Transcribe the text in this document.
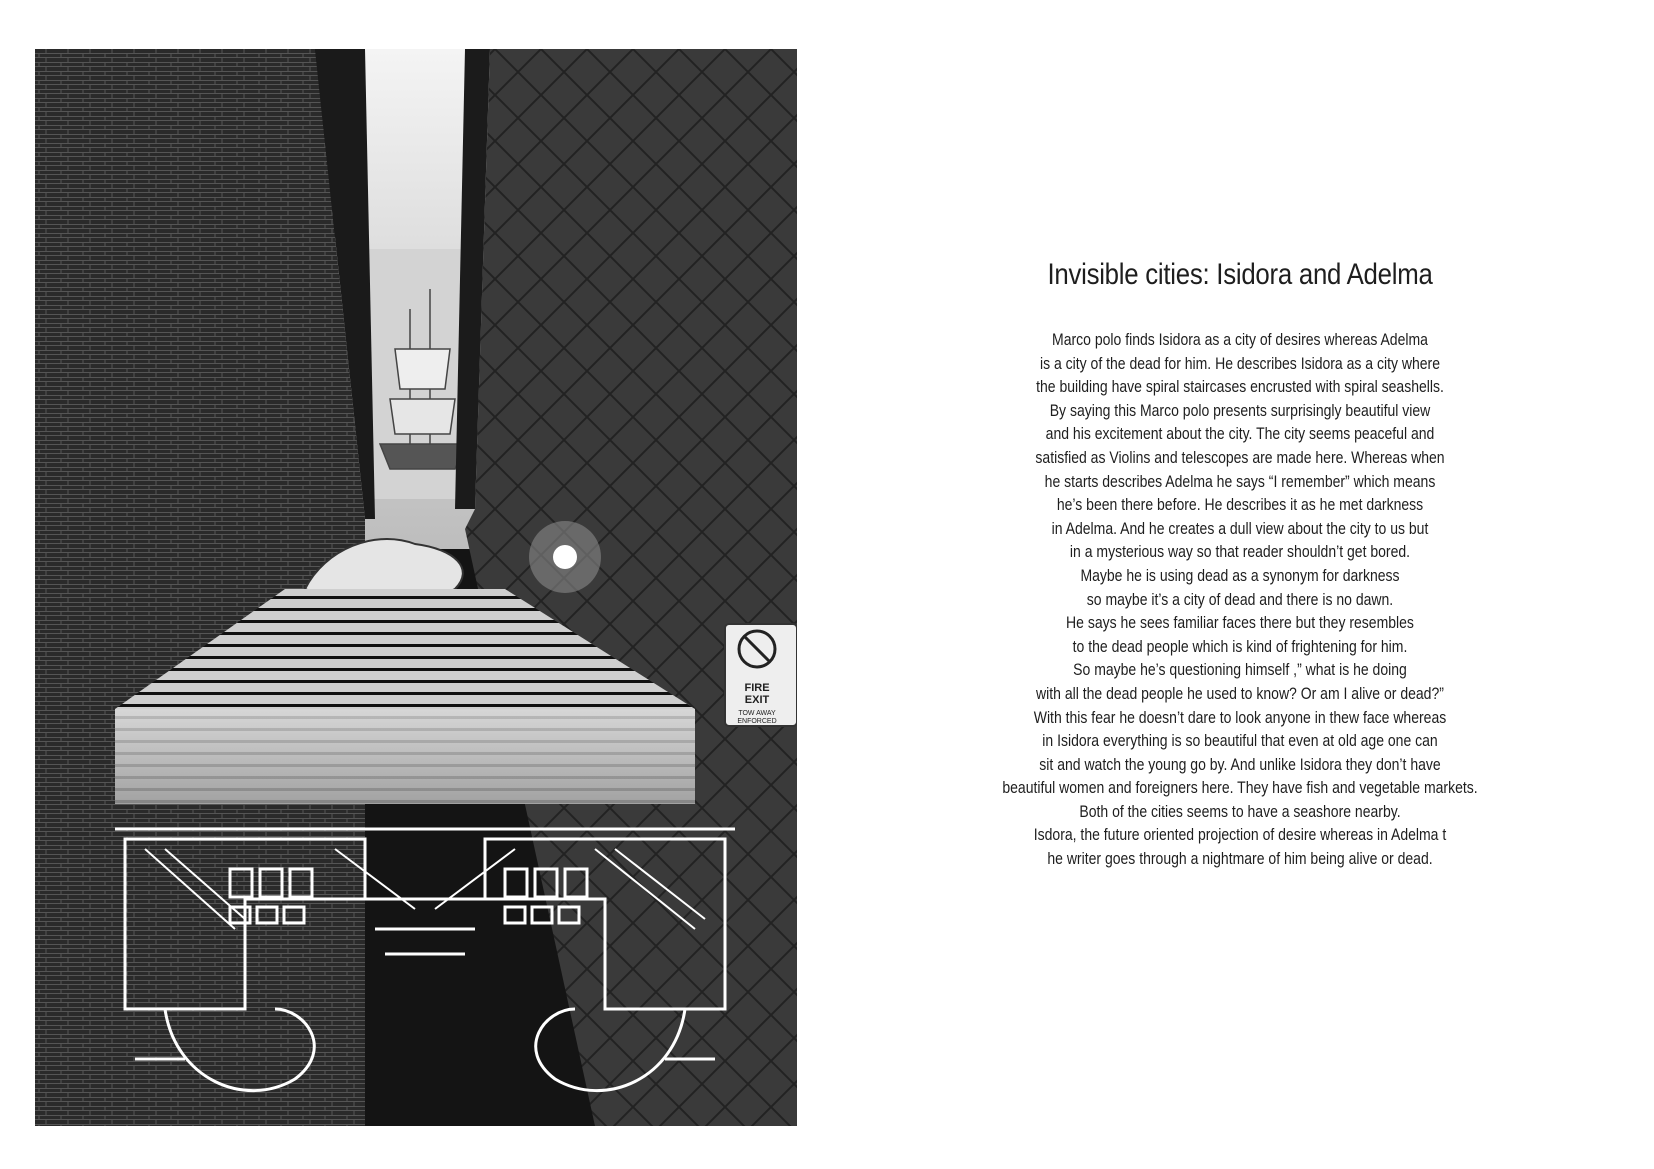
FIRE
EXIT
TOW AWAY
ENFORCED
Invisible cities: Isidora and Adelma
Marco polo finds Isidora as a city of desires whereas Adelma
is a city of the dead for him. He describes Isidora as a city where
the building have spiral staircases encrusted with spiral seashells.
By saying this Marco polo presents surprisingly beautiful view
and his excitement about the city. The city seems peaceful and
satisfied as Violins and telescopes are made here. Whereas when
he starts describes Adelma he says “I remember” which means
he’s been there before. He describes it as he met darkness
in Adelma. And he creates a dull view about the city to us but
in a mysterious way so that reader shouldn’t get bored.
Maybe he is using dead as a synonym for darkness
so maybe it’s a city of dead and there is no dawn.
He says he sees familiar faces there but they resembles
to the dead people which is kind of frightening for him.
So maybe he’s questioning himself ,” what is he doing
with all the dead people he used to know? Or am I alive or dead?”
With this fear he doesn’t dare to look anyone in thew face whereas
in Isidora everything is so beautiful that even at old age one can
sit and watch the young go by. And unlike Isidora they don’t have
beautiful women and foreigners here. They have fish and vegetable markets.
Both of the cities seems to have a seashore nearby.
Isdora, the future oriented projection of desire whereas in Adelma t
he writer goes through a nightmare of him being alive or dead.
